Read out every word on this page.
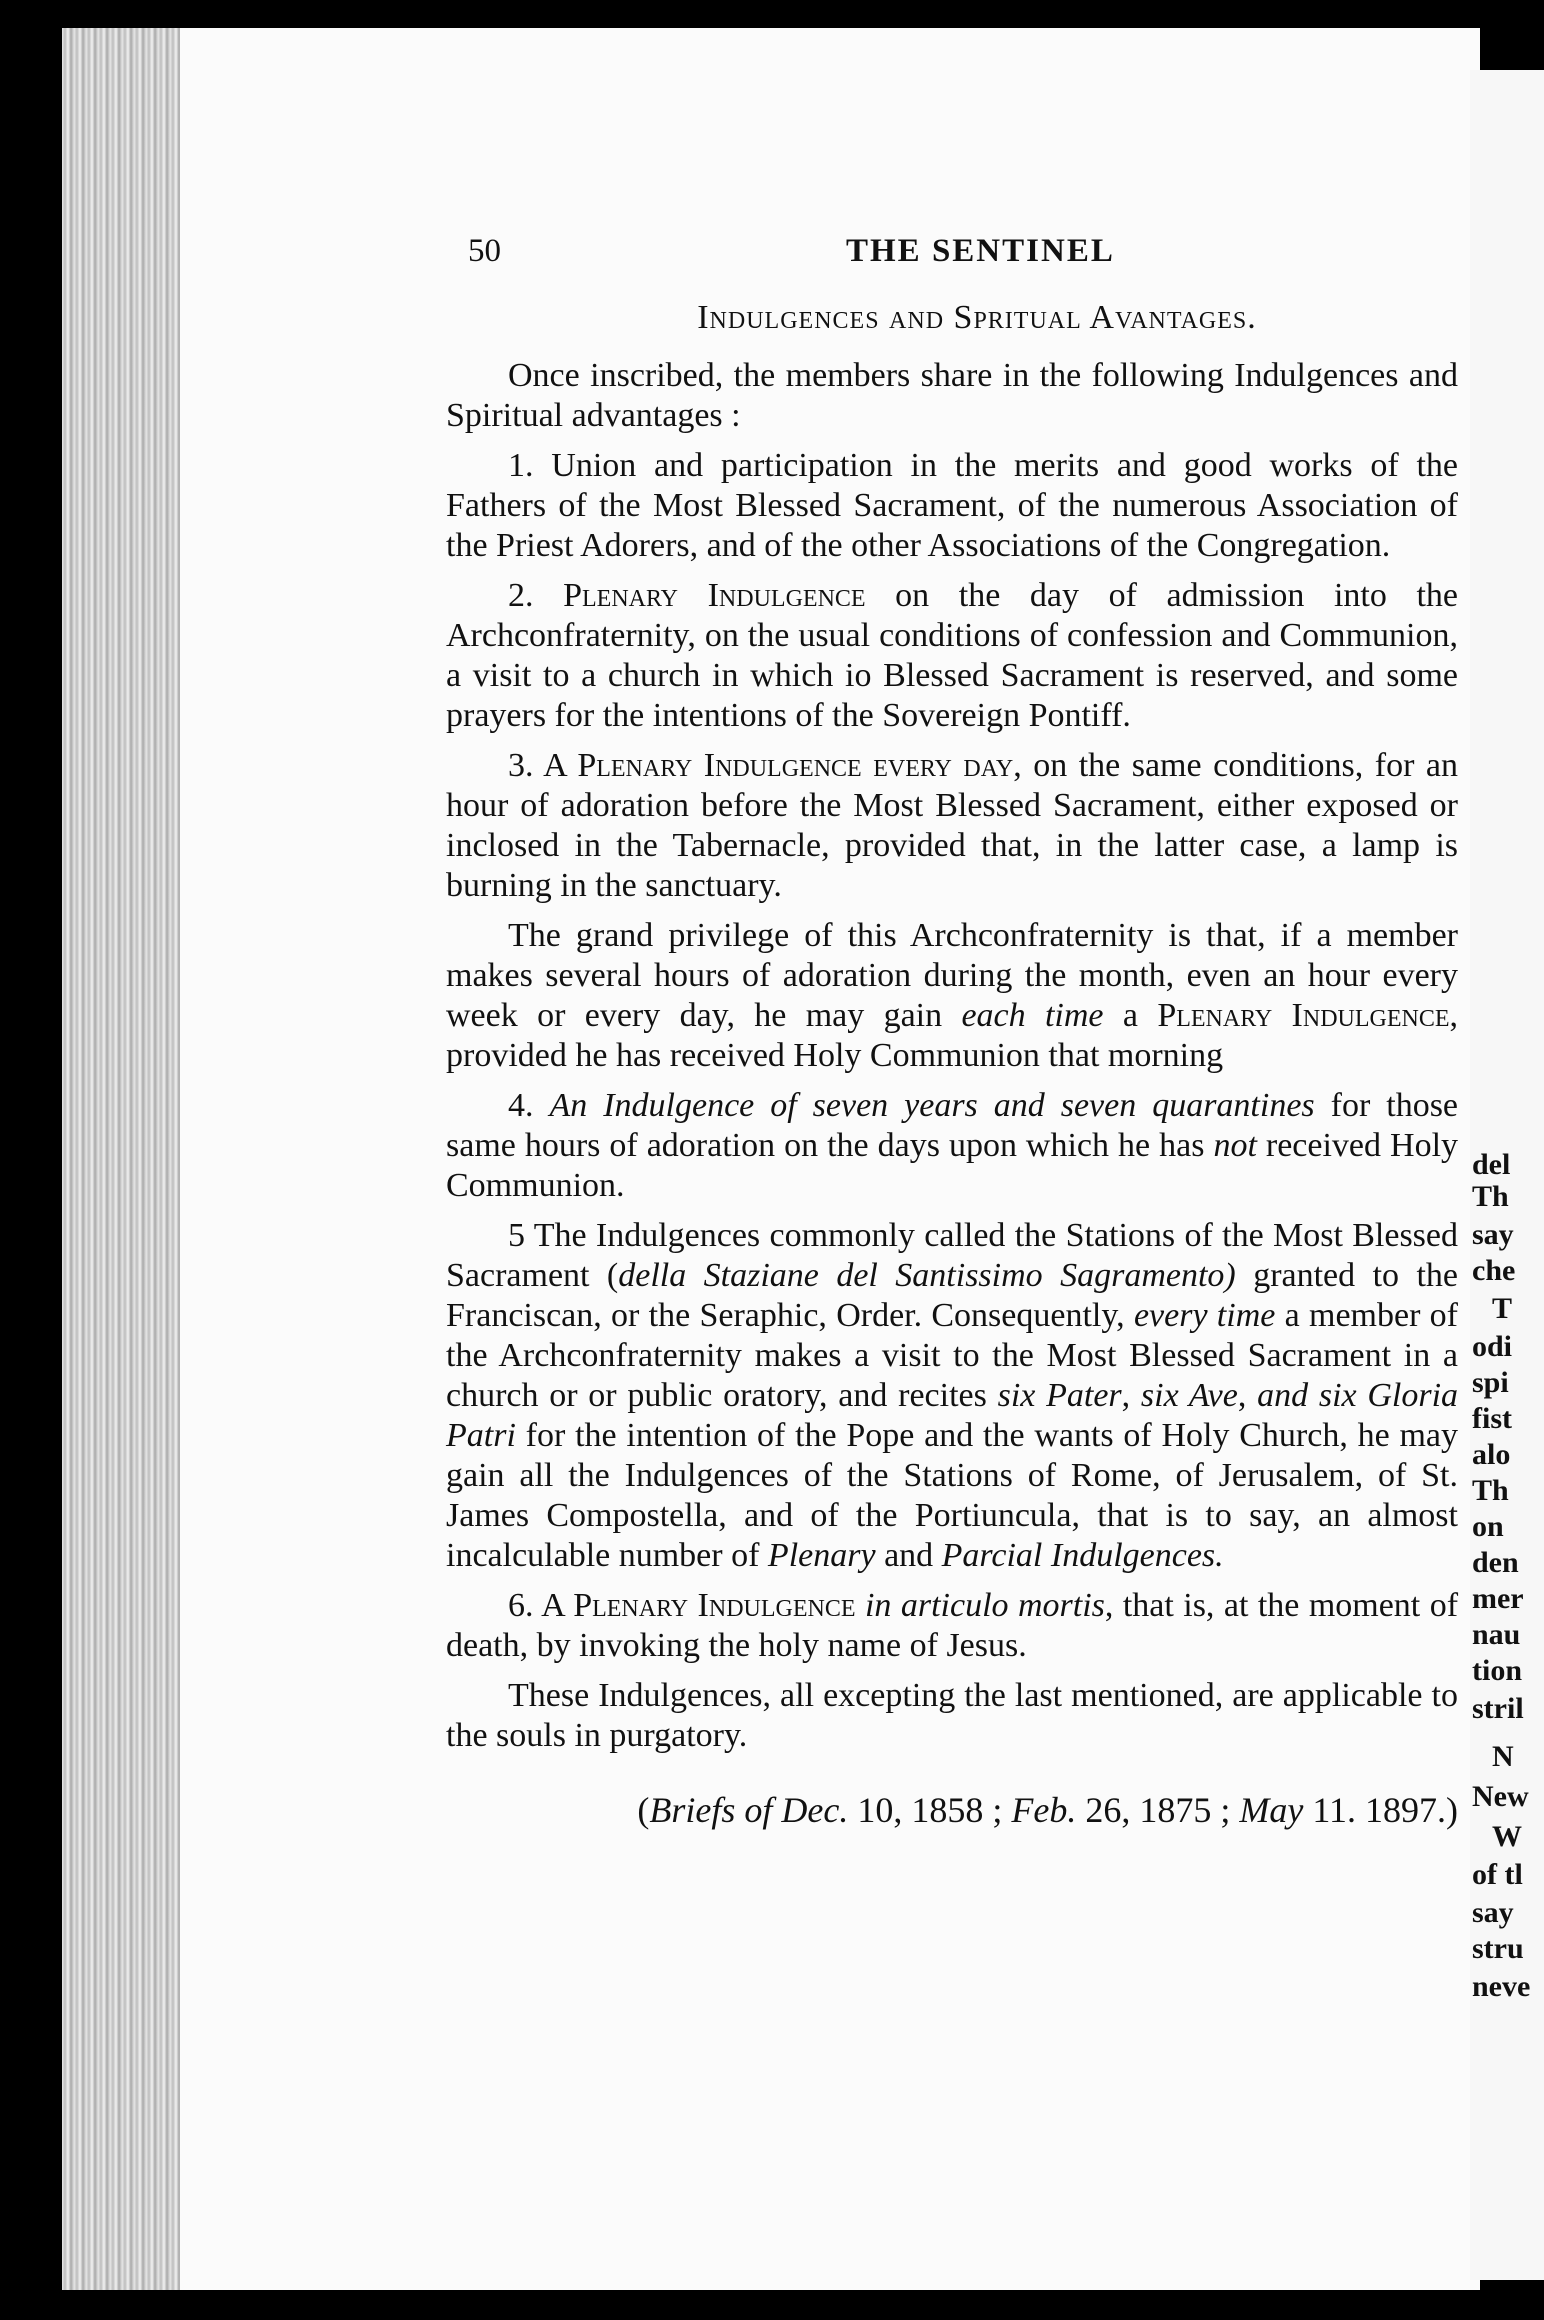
del
Th
say
che
T
odi
spi
fist
alo
Th
on
den
mer
nau
tion
stril
N
New
W
of tl
say
stru
neve
50	THE SENTINEL

Indulgences and Spritual Avantages.

Once inscribed, the members share in the following Indulgences and Spiritual advantages :

1. Union and participation in the merits and good works of the Fathers of the Most Blessed Sacrament, of the numerous Association of the Priest Adorers, and of the other Associations of the Congregation.

2. Plenary Indulgence on the day of admission into the Archconfraternity, on the usual conditions of confession and Communion, a visit to a church in which io Blessed Sacrament is reserved, and some prayers for the intentions of the Sovereign Pontiff.

3. A Plenary Indulgence every day, on the same conditions, for an hour of adoration before the Most Blessed Sacrament, either exposed or inclosed in the Tabernacle, provided that, in the latter case, a lamp is burning in the sanctuary.

The grand privilege of this Archconfraternity is that, if a member makes several hours of adoration during the month, even an hour every week or every day, he may gain each time a Plenary Indulgence, provided he has received Holy Communion that morning

4. An Indulgence of seven years and seven quarantines for those same hours of adoration on the days upon which he has not received Holy Communion.

5 The Indulgences commonly called the Stations of the Most Blessed Sacrament (della Staziane del Santissimo Sagramento) granted to the Franciscan, or the Seraphic, Order. Consequently, every time a member of the Archconfraternity makes a visit to the Most Blessed Sacrament in a church or or public oratory, and recites six Pater, six Ave, and six Gloria Patri for the intention of the Pope and the wants of Holy Church, he may gain all the Indulgences of the Stations of Rome, of Jerusalem, of St. James Compostella, and of the Portiuncula, that is to say, an almost incalculable number of Plenary and Parcial Indulgences.

6. A Plenary Indulgence in articulo mortis, that is, at the moment of death, by invoking the holy name of Jesus.

These Indulgences, all excepting the last mentioned, are applicable to the souls in purgatory.

(Briefs of Dec. 10, 1858 ; Feb. 26, 1875 ; May 11. 1897.)
